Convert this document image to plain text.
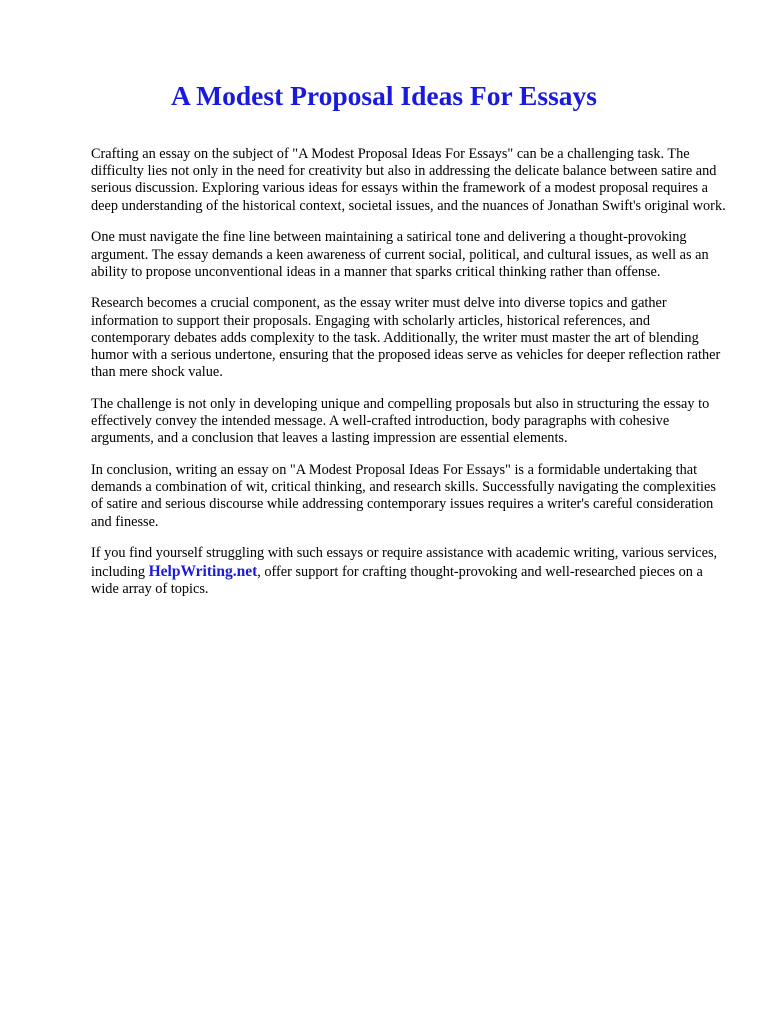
A Modest Proposal Ideas For Essays

Crafting an essay on the subject of "A Modest Proposal Ideas For Essays" can be a challenging task. The difficulty lies not only in the need for creativity but also in addressing the delicate balance between satire and serious discussion. Exploring various ideas for essays within the framework of a modest proposal requires a deep understanding of the historical context, societal issues, and the nuances of Jonathan Swift's original work.

One must navigate the fine line between maintaining a satirical tone and delivering a thought-provoking argument. The essay demands a keen awareness of current social, political, and cultural issues, as well as an ability to propose unconventional ideas in a manner that sparks critical thinking rather than offense.

Research becomes a crucial component, as the essay writer must delve into diverse topics and gather information to support their proposals. Engaging with scholarly articles, historical references, and contemporary debates adds complexity to the task. Additionally, the writer must master the art of blending humor with a serious undertone, ensuring that the proposed ideas serve as vehicles for deeper reflection rather than mere shock value.

The challenge is not only in developing unique and compelling proposals but also in structuring the essay to effectively convey the intended message. A well-crafted introduction, body paragraphs with cohesive arguments, and a conclusion that leaves a lasting impression are essential elements.

In conclusion, writing an essay on "A Modest Proposal Ideas For Essays" is a formidable undertaking that demands a combination of wit, critical thinking, and research skills. Successfully navigating the complexities of satire and serious discourse while addressing contemporary issues requires a writer's careful consideration and finesse.

If you find yourself struggling with such essays or require assistance with academic writing, various services, including HelpWriting.net, offer support for crafting thought-provoking and well-researched pieces on a wide array of topics.
